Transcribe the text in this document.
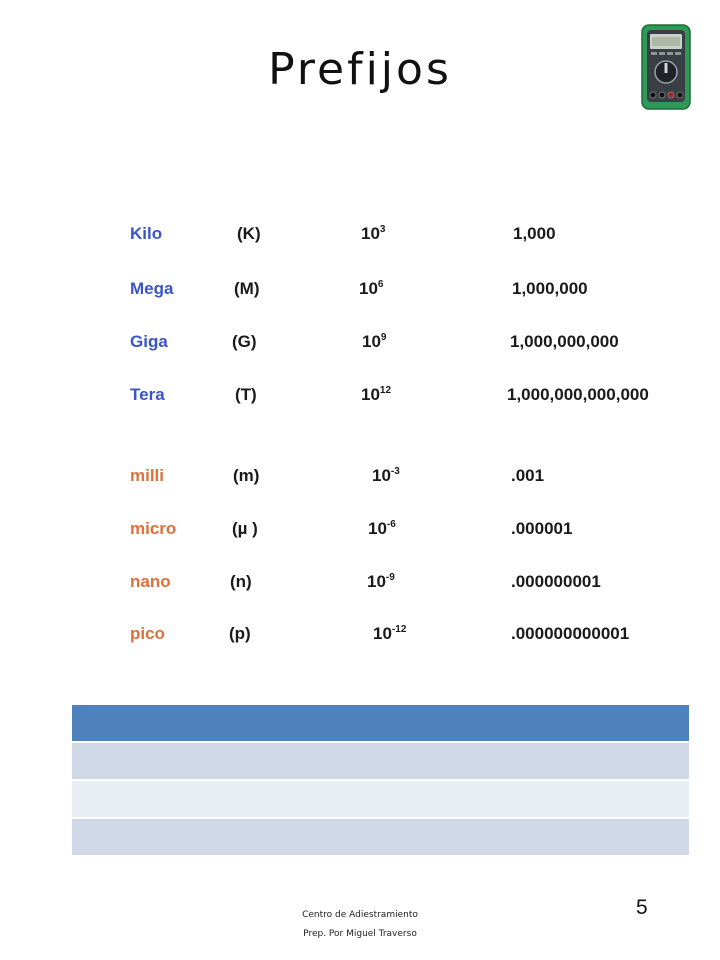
Prefijos
Kilo	(K)	$10^3$	1,000
Mega	(M)	$10^6$	1,000,000
Giga	(G)	$10^9$	1,000,000,000
Tera	(T)	$10^{12}$	1,000,000,000,000
milli	(m)	$10^{-3}$	.001
micro	(µ )	$10^{-6}$	.000001
nano	(n)	$10^{-9}$	.000000001
pico	(p)	$10^{-12}$	.000000000001
5
Centro de Adiestramiento
Prep. Por Miguel Traverso
